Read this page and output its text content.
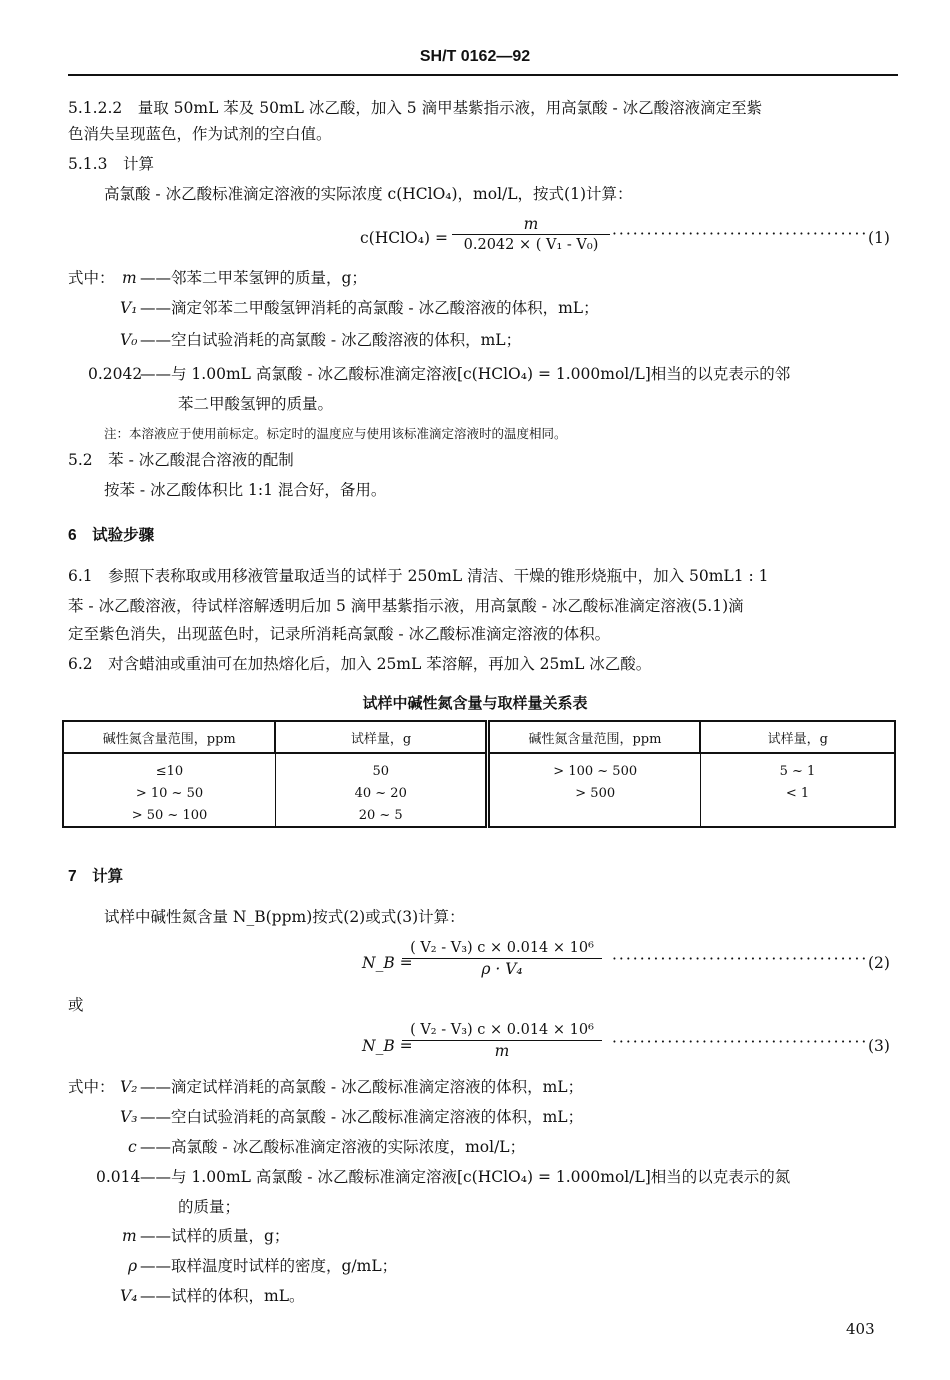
SH/T 0162—92
5.1.2.2　量取 50mL 苯及 50mL 冰乙酸，加入 5 滴甲基紫指示液，用高氯酸 - 冰乙酸溶液滴定至紫
色消失呈现蓝色，作为试剂的空白值。
5.1.3　计算
高氯酸 - 冰乙酸标准滴定溶液的实际浓度 c(HClO₄)，mol/L，按式(1)计算：
c(HClO₄) = $\frac{m}{\text{0.2042 × ( V₁ - V₀)}}$ ····································· (1)
式中： m ——邻苯二甲苯氢钾的质量，g；
V₁ ——滴定邻苯二甲酸氢钾消耗的高氯酸 - 冰乙酸溶液的体积，mL；
V₀ ——空白试验消耗的高氯酸 - 冰乙酸溶液的体积，mL；
0.2042
——与 1.00mL 高氯酸 - 冰乙酸标准滴定溶液[c(HClO₄) = 1.000mol/L]相当的以克表示的邻
苯二甲酸氢钾的质量。
注：本溶液应于使用前标定。标定时的温度应与使用该标准滴定溶液时的温度相同。
5.2　苯 - 冰乙酸混合溶液的配制
按苯 - 冰乙酸体积比 1:1 混合好，备用。
6　试验步骤
6.1　参照下表称取或用移液管量取适当的试样于 250mL 清洁、干燥的锥形烧瓶中，加入 50mL1 : 1
苯 - 冰乙酸溶液，待试样溶解透明后加 5 滴甲基紫指示液，用高氯酸 - 冰乙酸标准滴定溶液(5.1)滴
定至紫色消失，出现蓝色时，记录所消耗高氯酸 - 冰乙酸标准滴定溶液的体积。
6.2　对含蜡油或重油可在加热熔化后，加入 25mL 苯溶解，再加入 25mL 冰乙酸。
试样中碱性氮含量与取样量关系表
碱性氮含量范围，ppm	试样量，g	碱性氮含量范围，ppm	试样量，g
≤10	50	> 100 ~ 500	5 ~ 1
> 10 ~ 50	40 ~ 20	> 500	< 1
> 50 ~ 100	20 ~ 5		
7　计算
试样中碱性氮含量 N_B(ppm)按式(2)或式(3)计算：
N_B =
$\frac{\text{( V₂ - V₃) c × 0.014 × 10⁶}}{\text{ρ · V₄}}$ ····································· (2)
或
N_B =
$\frac{\text{( V₂ - V₃) c × 0.014 × 10⁶}}{m}$ ····································· (3)
式中： V₂ ——滴定试样消耗的高氯酸 - 冰乙酸标准滴定溶液的体积，mL；
V₃ ——空白试验消耗的高氯酸 - 冰乙酸标准滴定溶液的体积，mL；
c ——高氯酸 - 冰乙酸标准滴定溶液的实际浓度，mol/L；
0.014 ——与 1.00mL 高氯酸 - 冰乙酸标准滴定溶液[c(HClO₄) = 1.000mol/L]相当的以克表示的氮
的质量；
m ——试样的质量，g；
ρ ——取样温度时试样的密度，g/mL；
V₄ ——试样的体积，mL。
403
